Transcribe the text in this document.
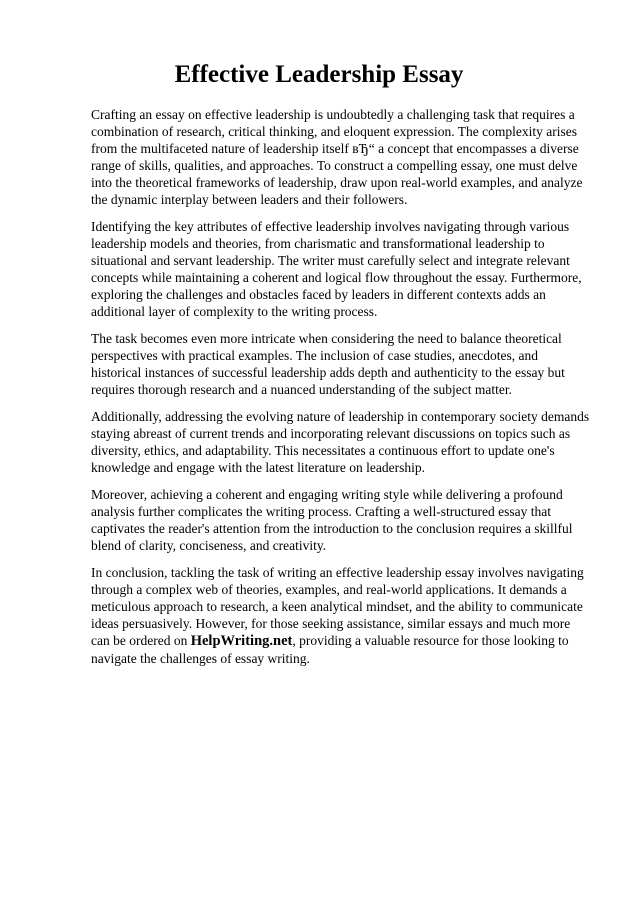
Effective Leadership Essay

Crafting an essay on effective leadership is undoubtedly a challenging task that requires a combination of research, critical thinking, and eloquent expression. The complexity arises from the multifaceted nature of leadership itself вЂ“ a concept that encompasses a diverse range of skills, qualities, and approaches. To construct a compelling essay, one must delve into the theoretical frameworks of leadership, draw upon real-world examples, and analyze the dynamic interplay between leaders and their followers.

Identifying the key attributes of effective leadership involves navigating through various leadership models and theories, from charismatic and transformational leadership to situational and servant leadership. The writer must carefully select and integrate relevant concepts while maintaining a coherent and logical flow throughout the essay. Furthermore, exploring the challenges and obstacles faced by leaders in different contexts adds an additional layer of complexity to the writing process.

The task becomes even more intricate when considering the need to balance theoretical perspectives with practical examples. The inclusion of case studies, anecdotes, and historical instances of successful leadership adds depth and authenticity to the essay but requires thorough research and a nuanced understanding of the subject matter.

Additionally, addressing the evolving nature of leadership in contemporary society demands staying abreast of current trends and incorporating relevant discussions on topics such as diversity, ethics, and adaptability. This necessitates a continuous effort to update one's knowledge and engage with the latest literature on leadership.

Moreover, achieving a coherent and engaging writing style while delivering a profound analysis further complicates the writing process. Crafting a well-structured essay that captivates the reader's attention from the introduction to the conclusion requires a skillful blend of clarity, conciseness, and creativity.

In conclusion, tackling the task of writing an effective leadership essay involves navigating through a complex web of theories, examples, and real-world applications. It demands a meticulous approach to research, a keen analytical mindset, and the ability to communicate ideas persuasively. However, for those seeking assistance, similar essays and much more can be ordered on HelpWriting.net, providing a valuable resource for those looking to navigate the challenges of essay writing.
